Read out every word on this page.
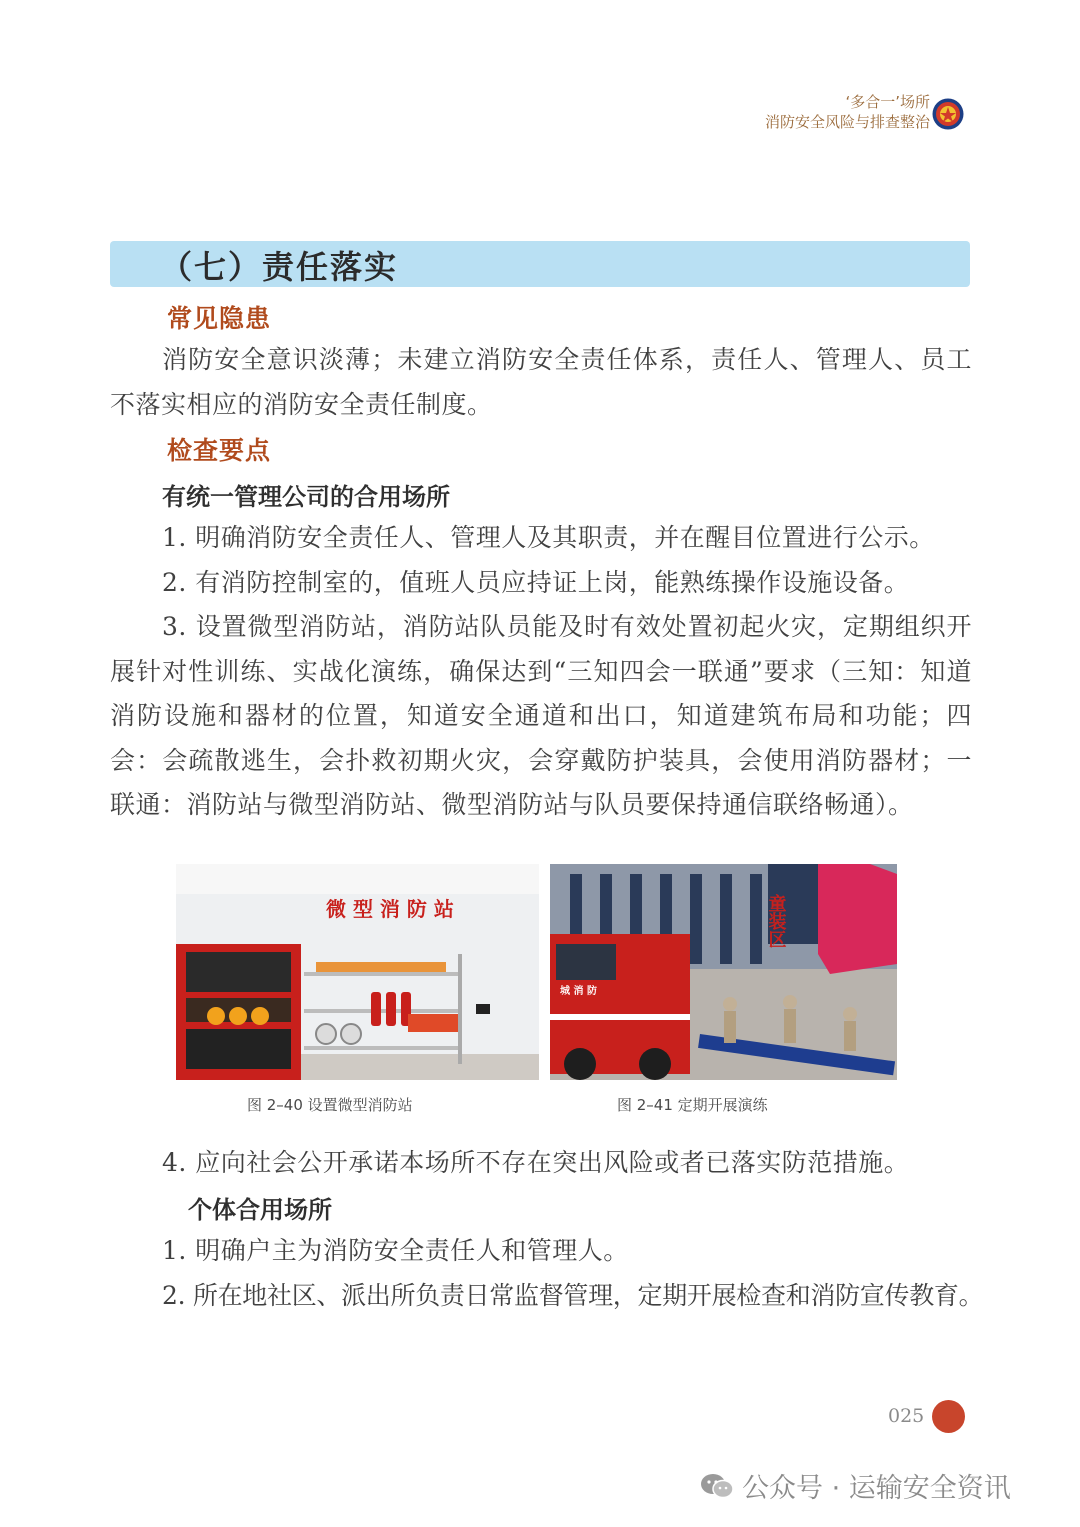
‘多合一’场所
消防安全风险与排查整治
（七）责任落实
常见隐患
消防安全意识淡薄；未建立消防安全责任体系，责任人、管理人、员工不落实相应的消防安全责任制度。
检查要点
有统一管理公司的合用场所
1. 明确消防安全责任人、管理人及其职责，并在醒目位置进行公示。
2. 有消防控制室的，值班人员应持证上岗，能熟练操作设施设备。
3. 设置微型消防站，消防站队员能及时有效处置初起火灾，定期组织开展针对性训练、实战化演练，确保达到“三知四会一联通”要求（三知：知道消防设施和器材的位置，知道安全通道和出口，知道建筑布局和功能；四会：会疏散逃生，会扑救初期火灾，会穿戴防护装具，会使用消防器材；一联通：消防站与微型消防站、微型消防站与队员要保持通信联络畅通）。
微 型 消 防 站
图 2–40 设置微型消防站
城 消 防
童装区
图 2–41 定期开展演练
4. 应向社会公开承诺本场所不存在突出风险或者已落实防范措施。
个体合用场所
1. 明确户主为消防安全责任人和管理人。
2. 所在地社区、派出所负责日常监督管理，定期开展检查和消防宣传教育。
025
公众号 · 运输安全资讯
